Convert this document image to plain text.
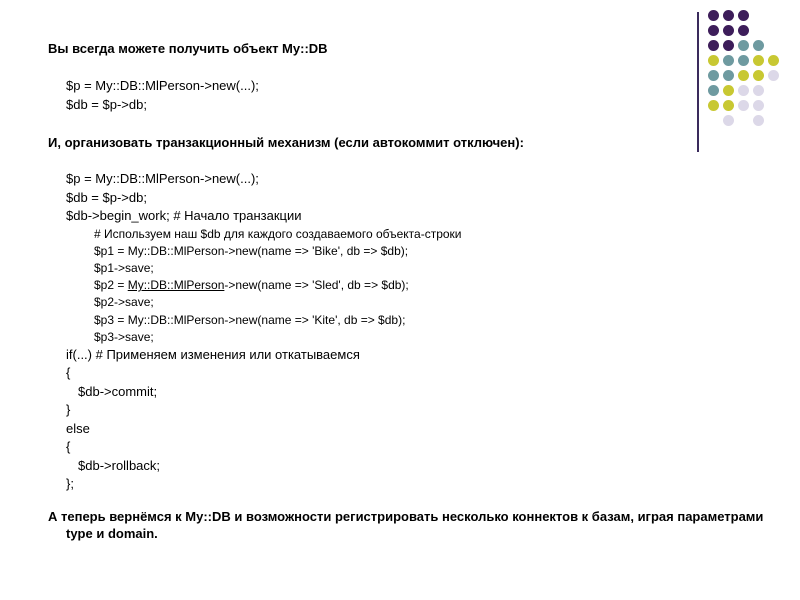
Вы всегда можете получить объект My::DB
$p = My::DB::MlPerson->new(...);
$db = $p->db;
И, организовать транзакционный механизм (если автокоммит отключен):
$p = My::DB::MlPerson->new(...);
$db = $p->db;
$db->begin_work; # Начало транзакции
# Используем наш $db для каждого создаваемого объекта-строки
$p1 = My::DB::MlPerson->new(name => 'Bike', db => $db);
$p1->save;
$p2 = My::DB::MlPerson->new(name => 'Sled', db => $db);
$p2->save;
$p3 = My::DB::MlPerson->new(name => 'Kite', db => $db);
$p3->save;
if(...) # Применяем изменения или откатываемся
{
$db->commit;
}
else
{
$db->rollback;
};
А теперь вернёмся к My::DB и возможности регистрировать несколько коннектов к базам, играя параметрами type и domain.
